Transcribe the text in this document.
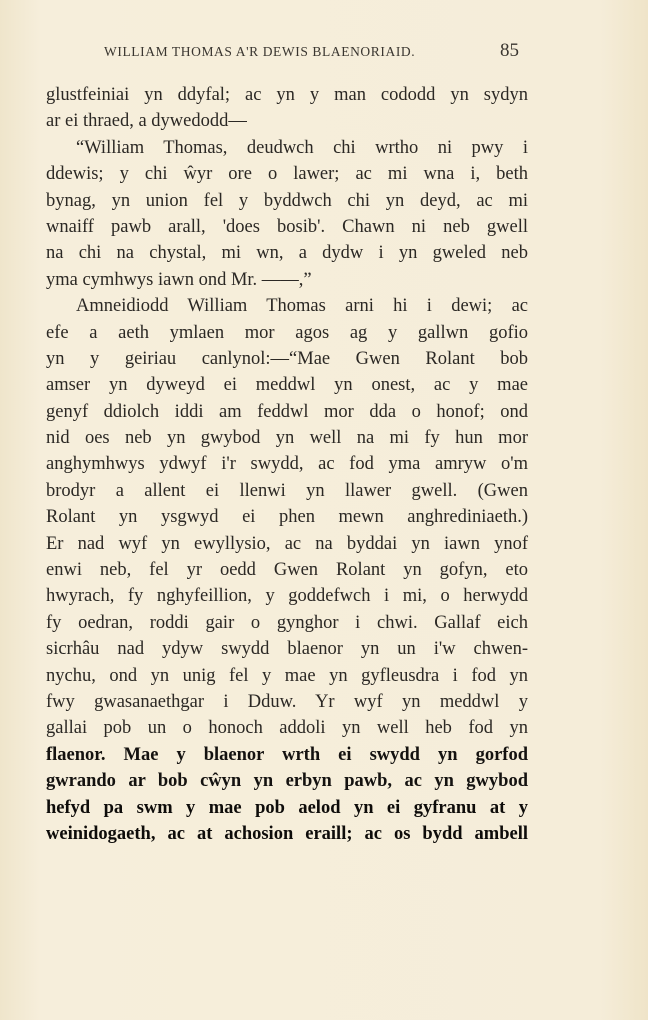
WILLIAM THOMAS A'R DEWIS BLAENORIAID.	85
glustfeiniai yn ddyfal; ac yn y man cododd yn sydyn
ar ei thraed, a dywedodd—
“William Thomas, deudwch chi wrtho ni pwy i
ddewis; y chi ŵyr ore o lawer; ac mi wna i, beth
bynag, yn union fel y byddwch chi yn deyd, ac mi
wnaiff pawb arall, 'does bosib'. Chawn ni neb gwell
na chi na chystal, mi wn, a dydw i yn gweled neb
yma cymhwys iawn ond Mr. ——,”
Amneidiodd William Thomas arni hi i dewi; ac
efe a aeth ymlaen mor agos ag y gallwn gofio
yn y geiriau canlynol:—“Mae Gwen Rolant bob
amser yn dyweyd ei meddwl yn onest, ac y mae
genyf ddiolch iddi am feddwl mor dda o honof; ond
nid oes neb yn gwybod yn well na mi fy hun mor
anghymhwys ydwyf i'r swydd, ac fod yma amryw o'm
brodyr a allent ei llenwi yn llawer gwell. (Gwen
Rolant yn ysgwyd ei phen mewn anghrediniaeth.)
Er nad wyf yn ewyllysio, ac na byddai yn iawn ynof
enwi neb, fel yr oedd Gwen Rolant yn gofyn, eto
hwyrach, fy nghyfeillion, y goddefwch i mi, o herwydd
fy oedran, roddi gair o gynghor i chwi. Gallaf eich
sicrhâu nad ydyw swydd blaenor yn un i'w chwen-
nychu, ond yn unig fel y mae yn gyfleusdra i fod yn
fwy gwasanaethgar i Dduw. Yr wyf yn meddwl y
gallai pob un o honoch addoli yn well heb fod yn
flaenor. Mae y blaenor wrth ei swydd yn gorfod
gwrando ar bob cŵyn yn erbyn pawb, ac yn gwybod
hefyd pa swm y mae pob aelod yn ei gyfranu at y
weinidogaeth, ac at achosion eraill; ac os bydd ambell
